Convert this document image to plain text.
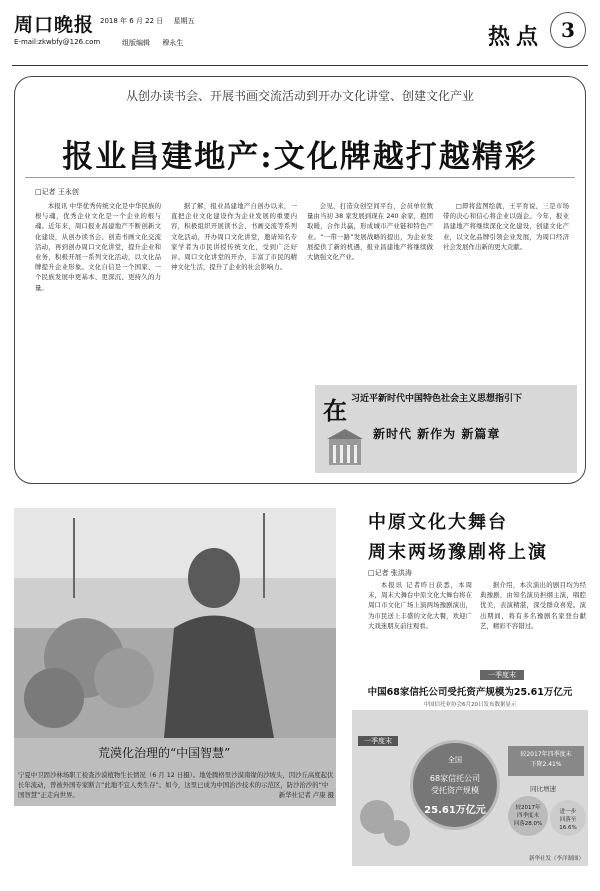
周口晚报
E-mail:zkwbfy@126.com
2018 年 6 月 22 日 星期五
组版编辑 穆永生	热点 3
从创办读书会、开展书画交流活动到开办文化讲堂、创建文化产业
报业昌建地产:文化牌越打越精彩
□记者 王永创

本报讯 中华优秀传统文化是中华民族的根与魂，优秀企业文化是一个企业的根与魂。近年来，周口报业昌建地产不断创新文化建设，从创办读书会、创造书画文化交流活动，再到创办周口文化讲堂，提升企业和业务，积极开展一系列文化活动，以文化品牌提升企业形象。文化自信是一个国家、一个民族发展中更基本、更深沉、更持久的力量。

据了解，报业昌建地产自创办以来，一直把企业文化建设作为企业发展的重要内容，积极组织开展读书会、书画交流等系列文化活动，开办周口文化讲堂，邀请知名专家学者为市民讲授传统文化，受到广泛好评。周口文化讲堂的开办，丰富了市民的精神文化生活，提升了企业的社会影响力。

会见，打造众创空间平台，会员单位数量由当初 38 家发展到现在 240 余家，抱团取暖，合作共赢，形成城市产业链和特色产业。“一带一路”发展战略的提出，为企业发展提供了新的机遇，报业昌建地产将继续做大做强文化产业。

□即将蓝图绘就，王平育说，三是市场带的决心和信心将企业以强企。今年，报业昌建地产将继续深化文化建设，创建文化产业，以文化品牌引领企业发展，为周口经济社会发展作出新的更大贡献。

在 习近平新时代中国特色社会主义思想指引下
新时代 新作为 新篇章
荒漠化治理的“中国智慧”
宁夏中卫固沙林场职工检查沙漠植物生长情况（6 月 12 日摄）。地处腾格里沙漠南缘的沙坡头，因沙丘高度起伏长年流动，曾被外国专家断言“此地不宜人类生存”。如今，这里已成为中国治沙技术的示范区，防沙治沙的“中国智慧”正走向世界。	新华社记者 卢康 摄
中原文化大舞台
周末两场豫剧将上演
□记者 张洪涛

本报讯 记者昨日获悉，本周末，周末大舞台中原文化大舞台将在周口市文化广场上演两场豫剧演出，为市民送上丰盛的文化大餐，欢迎广大戏迷朋友前往观看。

据介绍，本次演出的剧目均为经典豫剧，由知名演员担纲主演，唱腔优美，表演精湛，深受群众喜爱。演出期间，将有多名豫剧名家登台献艺，精彩不容错过。

一季度末
中国68家信托公司受托资产规模为25.61万亿元
中国信托业协会6月20日发布数据显示
一季度末
全国
68家信托公司
受托资产规模
25.61万亿元
较2017年四季度末
下降2.41%
同比增速
较2017年
四季度末
回落28.0%
进一步
回落至
16.6%
新华社发（李洋制图）
